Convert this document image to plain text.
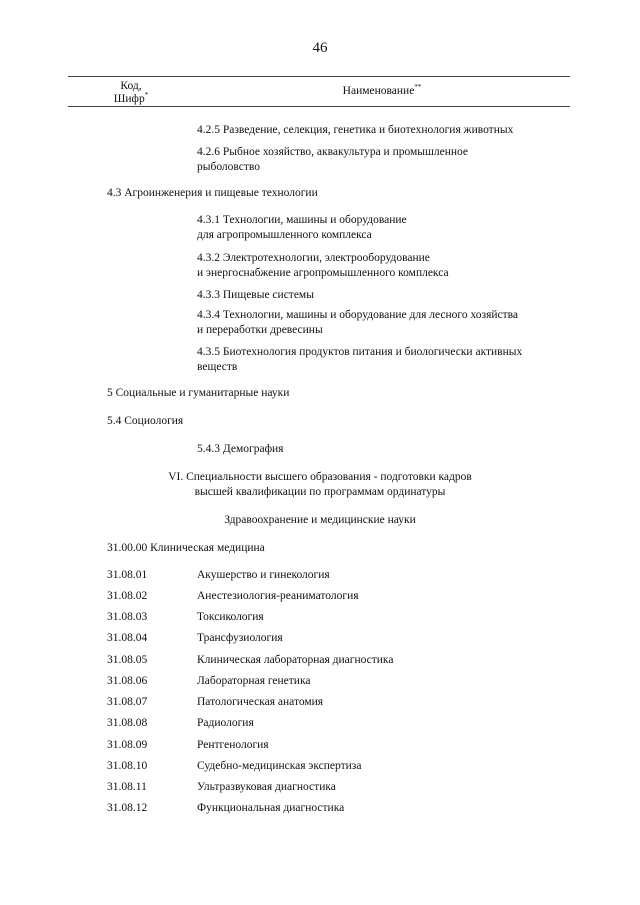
46
Код,
Шифр*	Наименование**
4.2.5 Разведение, селекция, генетика и биотехнология животных
4.2.6 Рыбное хозяйство, аквакультура и промышленное
рыболовство
4.3 Агроинженерия и пищевые технологии
4.3.1 Технологии, машины и оборудование
для агропромышленного комплекса
4.3.2 Электротехнологии, электрооборудование
и энергоснабжение агропромышленного комплекса
4.3.3 Пищевые системы
4.3.4 Технологии, машины и оборудование для лесного хозяйства
и переработки древесины
4.3.5 Биотехнология продуктов питания и биологически активных
веществ
5 Социальные и гуманитарные науки
5.4 Социология
5.4.3 Демография
VI. Специальности высшего образования - подготовки кадров
высшей квалификации по программам ординатуры
Здравоохранение и медицинские науки
31.00.00 Клиническая медицина
31.08.01	Акушерство и гинекология
31.08.02	Анестезиология-реаниматология
31.08.03	Токсикология
31.08.04	Трансфузиология
31.08.05	Клиническая лабораторная диагностика
31.08.06	Лабораторная генетика
31.08.07	Патологическая анатомия
31.08.08	Радиология
31.08.09	Рентгенология
31.08.10	Судебно-медицинская экспертиза
31.08.11	Ультразвуковая диагностика
31.08.12	Функциональная диагностика
